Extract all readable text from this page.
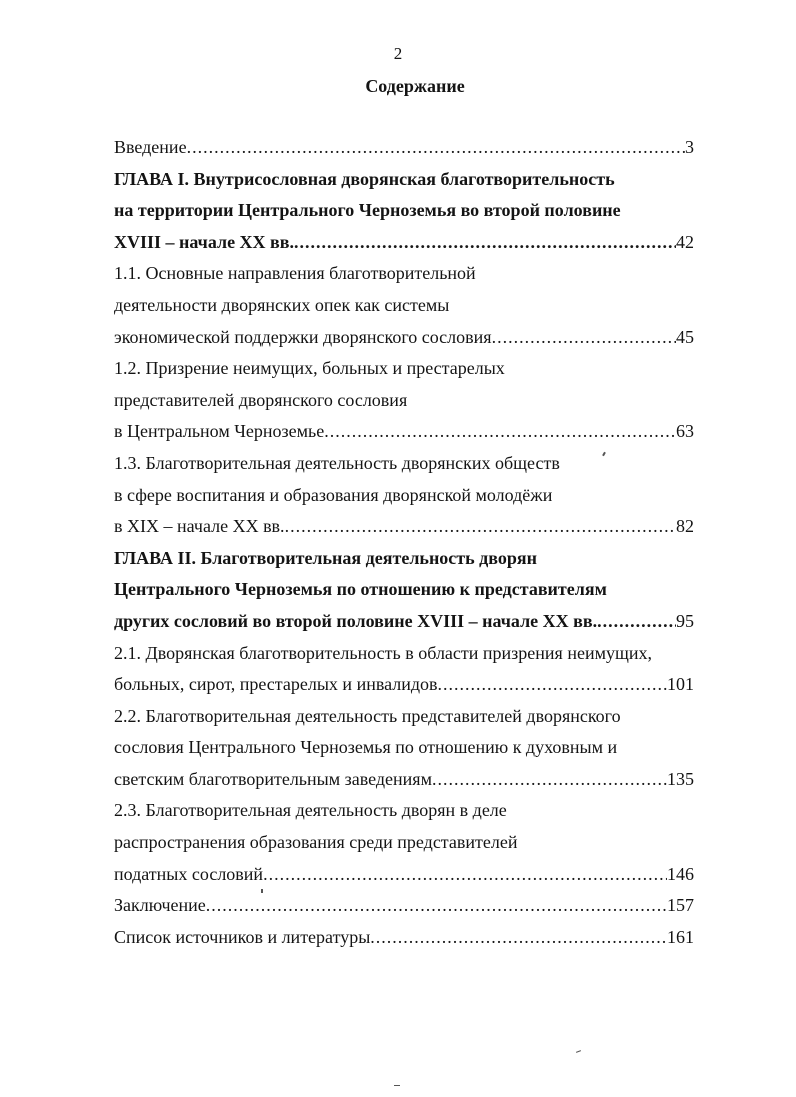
2
Содержание
Введение .....	3
ГЛАВА I. Внутрисословная дворянская благотворительность
на территории Центрального Черноземья во второй половине
XVIII – начале XX вв. .....	42
1.1. Основные направления благотворительной
деятельности дворянских опек как системы
экономической поддержки дворянского сословия .....	45
1.2. Призрение неимущих, больных и престарелых
представителей дворянского сословия
в Центральном Черноземье .....	63
1.3. Благотворительная деятельность дворянских обществ
в сфере воспитания и образования дворянской молодёжи
в XIX – начале XX вв. .....	82
ГЛАВА II. Благотворительная деятельность дворян
Центрального Черноземья по отношению к представителям
других сословий во второй половине XVIII – начале XX вв. .....	95
2.1. Дворянская благотворительность в области призрения неимущих,
больных, сирот, престарелых и инвалидов .....	101
2.2. Благотворительная деятельность представителей дворянского
сословия Центрального Черноземья по отношению к духовным и
светским благотворительным заведениям .....	135
2.3. Благотворительная деятельность дворян в деле
распространения образования среди представителей
податных сословий .....	146
Заключение .....	157
Список источников и литературы .....	161
